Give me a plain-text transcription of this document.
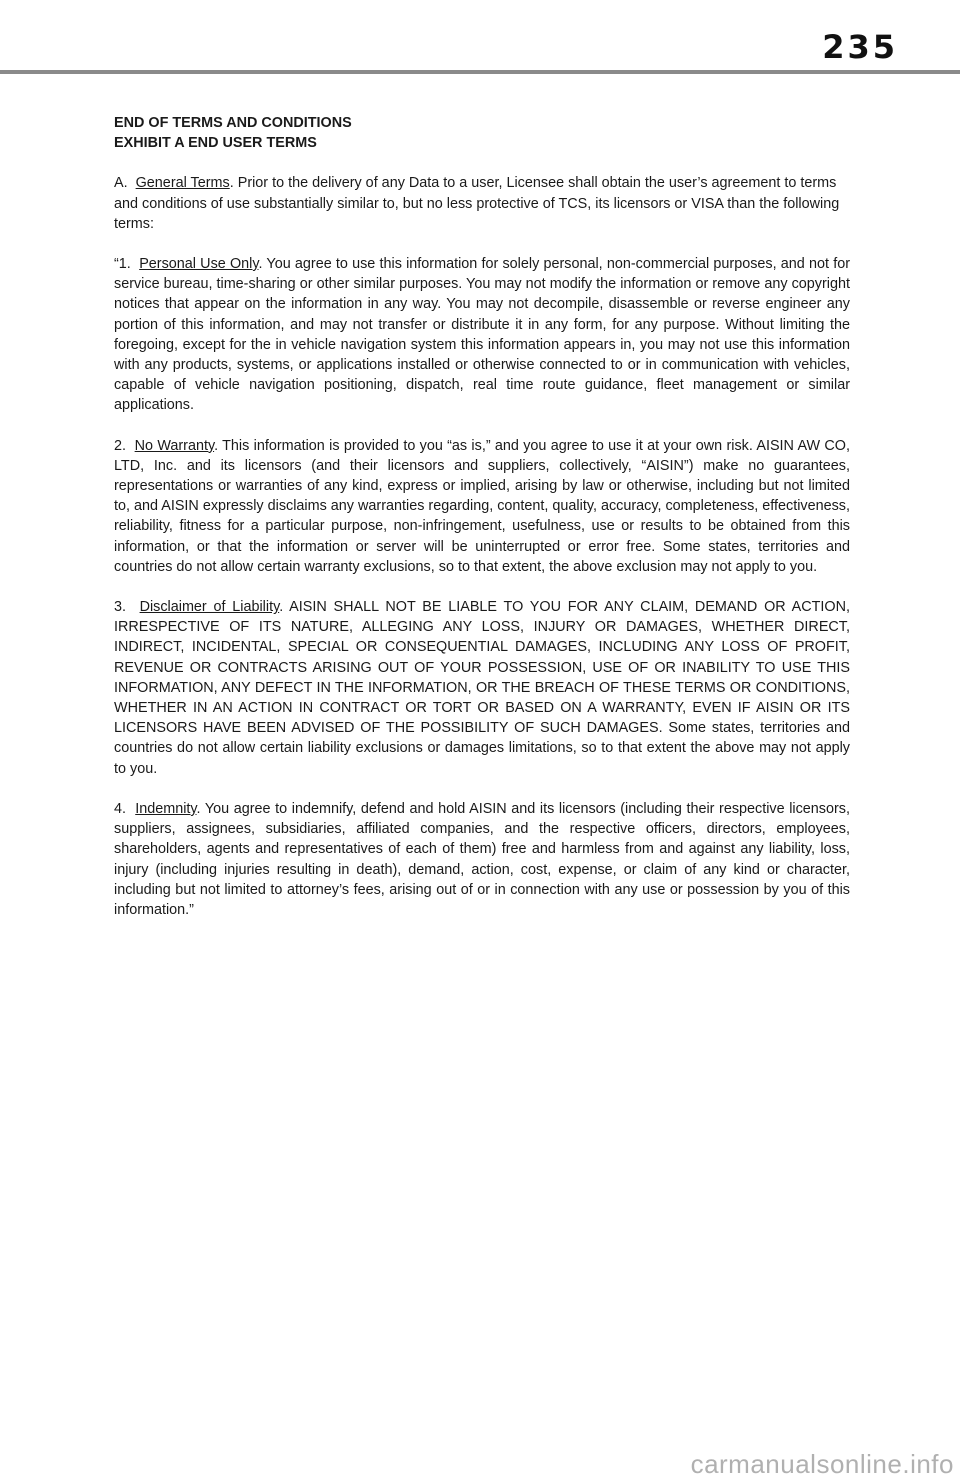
235

END OF TERMS AND CONDITIONS

EXHIBIT A END USER TERMS

A. General Terms. Prior to the delivery of any Data to a user, Licensee shall obtain the user’s agreement to terms and conditions of use substantially similar to, but no less protective of TCS, its licensors or VISA than the following terms:

“1. Personal Use Only. You agree to use this information for solely personal, non-commercial purposes, and not for service bureau, time-sharing or other similar purposes. You may not modify the information or remove any copyright notices that appear on the information in any way. You may not decompile, disassemble or reverse engineer any portion of this information, and may not transfer or distribute it in any form, for any purpose. Without limiting the foregoing, except for the in vehicle navigation system this information appears in, you may not use this information with any products, systems, or applications installed or otherwise connected to or in communication with vehicles, capable of vehicle navigation positioning, dispatch, real time route guidance, fleet management or similar applications.

2. No Warranty. This information is provided to you “as is,” and you agree to use it at your own risk. AISIN AW CO, LTD, Inc. and its licensors (and their licensors and suppliers, collectively, “AISIN”) make no guarantees, representations or warranties of any kind, express or implied, arising by law or otherwise, including but not limited to, and AISIN expressly disclaims any warranties regarding, content, quality, accuracy, completeness, effectiveness, reliability, fitness for a particular purpose, non-infringement, usefulness, use or results to be obtained from this information, or that the information or server will be uninterrupted or error free. Some states, territories and countries do not allow certain warranty exclusions, so to that extent, the above exclusion may not apply to you.

3. Disclaimer of Liability. AISIN SHALL NOT BE LIABLE TO YOU FOR ANY CLAIM, DEMAND OR ACTION, IRRESPECTIVE OF ITS NATURE, ALLEGING ANY LOSS, INJURY OR DAMAGES, WHETHER DIRECT, INDIRECT, INCIDENTAL, SPECIAL OR CONSEQUENTIAL DAMAGES, INCLUDING ANY LOSS OF PROFIT, REVENUE OR CONTRACTS ARISING OUT OF YOUR POSSESSION, USE OF OR INABILITY TO USE THIS INFORMATION, ANY DEFECT IN THE INFORMATION, OR THE BREACH OF THESE TERMS OR CONDITIONS, WHETHER IN AN ACTION IN CONTRACT OR TORT OR BASED ON A WARRANTY, EVEN IF AISIN OR ITS LICENSORS HAVE BEEN ADVISED OF THE POSSIBILITY OF SUCH DAMAGES. Some states, territories and countries do not allow certain liability exclusions or damages limitations, so to that extent the above may not apply to you.

4. Indemnity. You agree to indemnify, defend and hold AISIN and its licensors (including their respective licensors, suppliers, assignees, subsidiaries, affiliated companies, and the respective officers, directors, employees, shareholders, agents and representatives of each of them) free and harmless from and against any liability, loss, injury (including injuries resulting in death), demand, action, cost, expense, or claim of any kind or character, including but not limited to attorney’s fees, arising out of or in connection with any use or possession by you of this information.”

carmanualsonline.info
